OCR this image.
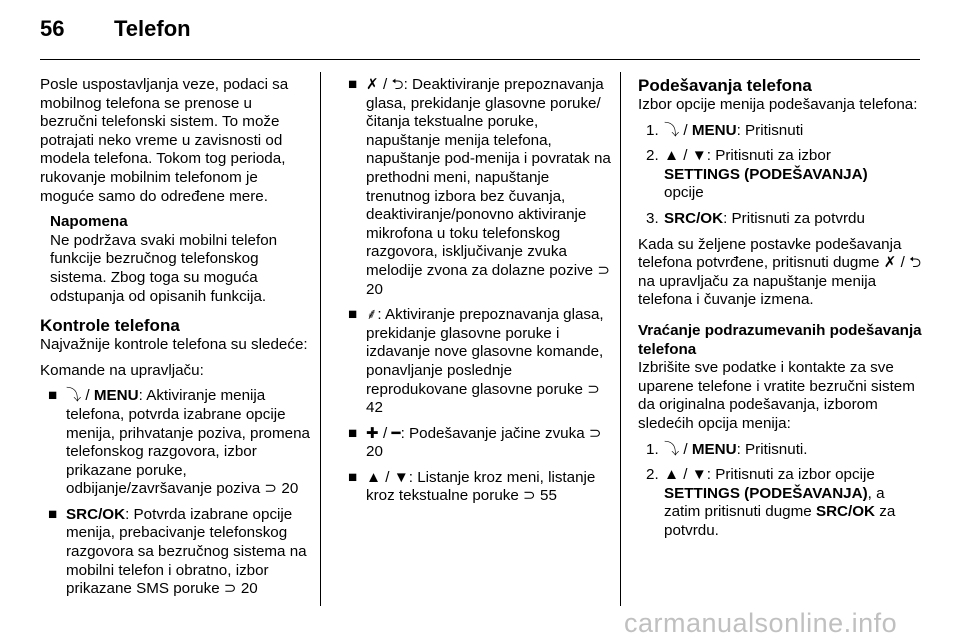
56 Telefon

Posle uspostavljanja veze, podaci sa mobilnog telefona se prenose u bezručni telefonski sistem. To može potrajati neko vreme u zavisnosti od modela telefona. Tokom tog perioda, rukovanje mobilnim telefonom je moguće samo do određene mere.

Napomena
Ne podržava svaki mobilni telefon funkcije bezručnog telefonskog sistema. Zbog toga su moguća odstupanja od opisanih funkcija.
Kontrole telefona

Najvažnije kontrole telefona su sledeće:

Komande na upravljaču:

■ ⤵ / MENU: Aktiviranje menija telefona, potvrda izabrane opcije menija, prihvatanje poziva, promena telefonskog razgovora, izbor prikazane poruke, odbijanje/završavanje poziva ⊃ 20
■ SRC/OK: Potvrda izabrane opcije menija, prebacivanje telefonskog razgovora sa bezručnog sistema na mobilni telefon i obratno, izbor prikazane SMS poruke ⊃ 20
■ ✗ / ⮌: Deaktiviranje prepoznavanja glasa, prekidanje glasovne poruke/čitanja tekstualne poruke, napuštanje menija telefona, napuštanje pod-menija i povratak na prethodni meni, napuštanje trenutnog izbora bez čuvanja, deaktiviranje/ponovno aktiviranje mikrofona u toku telefonskog razgovora, isključivanje zvuka melodije zvona za dolazne pozive ⊃ 20
■ ⸙: Aktiviranje prepoznavanja glasa, prekidanje glasovne poruke i izdavanje nove glasovne komande, ponavljanje poslednje reprodukovane glasovne poruke ⊃ 42
■ ✚ / ━: Podešavanje jačine zvuka ⊃ 20
■ ▲ / ▼: Listanje kroz meni, listanje kroz tekstualne poruke ⊃ 55
Podešavanja telefona

Izbor opcije menija podešavanja telefona:

1. ⤵ / MENU: Pritisnuti
2. ▲ / ▼: Pritisnuti za izbor
SETTINGS (PODEŠAVANJA)
opcije
3. SRC/OK: Pritisnuti za potvrdu

Kada su željene postavke podešavanja telefona potvrđene, pritisnuti dugme ✗ / ⮌ na upravljaču za napuštanje menija telefona i čuvanje izmena.

Vraćanje podrazumevanih podešavanja telefona

Izbrišite sve podatke i kontakte za sve uparene telefone i vratite bezručni sistem da originalna podešavanja, izborom sledećih opcija menija:

1. ⤵ / MENU: Pritisnuti.
2. ▲ / ▼: Pritisnuti za izbor opcije SETTINGS (PODEŠAVANJA), a zatim pritisnuti dugme SRC/OK za potvrdu.
carmanualsonline.info
